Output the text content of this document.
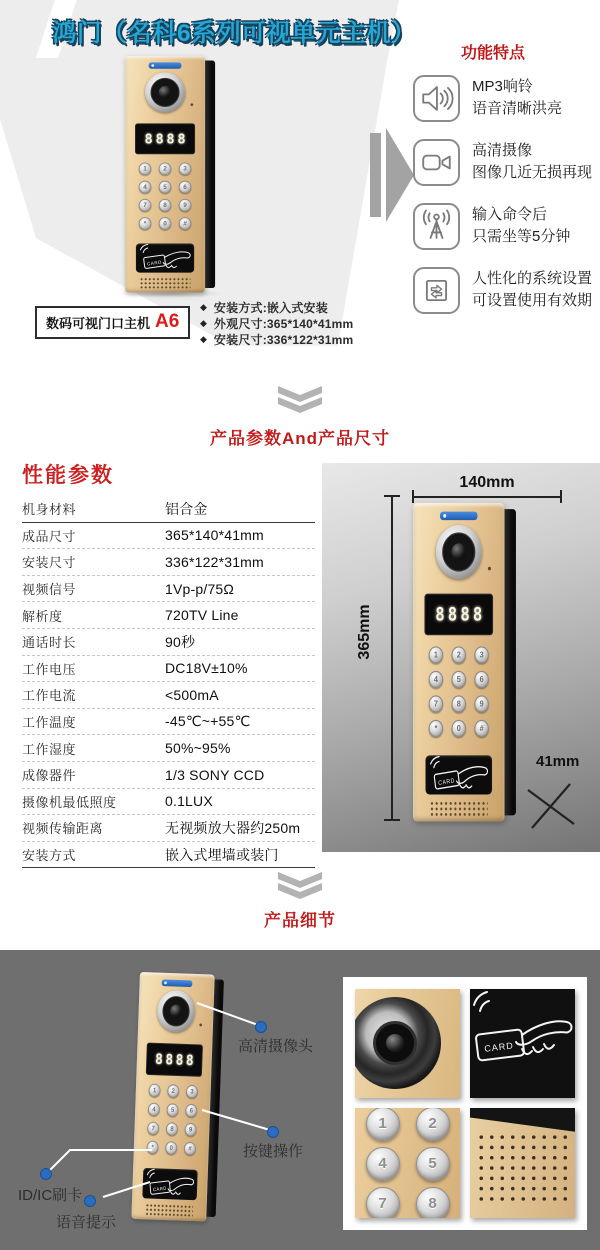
鸿门（名科6系列可视单元主机）
8888
1	2	3
4	5	6
7	8	9
*	0	#
CARD
数码可视门口主机 A6
◆ 安装方式:嵌入式安装
◆ 外观尺寸:365*140*41mm
◆ 安装尺寸:336*122*31mm
功能特点
MP3响铃
语音清晰洪亮
高清摄像
图像几近无损再现
输入命令后
只需坐等5分钟
人性化的系统设置
可设置使用有效期
产品参数And产品尺寸
性能参数
机身材料	铝合金
成品尺寸	365*140*41mm
安装尺寸	336*122*31mm
视频信号	1Vp-p/75Ω
解析度	720TV Line
通话时长	90秒
工作电压	DC18V±10%
工作电流	<500mA
工作温度	-45℃~+55℃
工作湿度	50%~95%
成像器件	1/3 SONY CCD
摄像机最低照度	0.1LUX
视频传输距离	无视频放大器约250m
安装方式	嵌入式埋墙或装门
8888
1	2	3
4	5	6
7	8	9
*	0	#
CARD
140mm
365mm
41mm
产品细节
8888
1	2	3
4	5	6
7	8	9
*	0	#
CARD
高清摄像头
按键操作
ID/IC刷卡
语音提示
CARD
1	2
4	5
7	8
